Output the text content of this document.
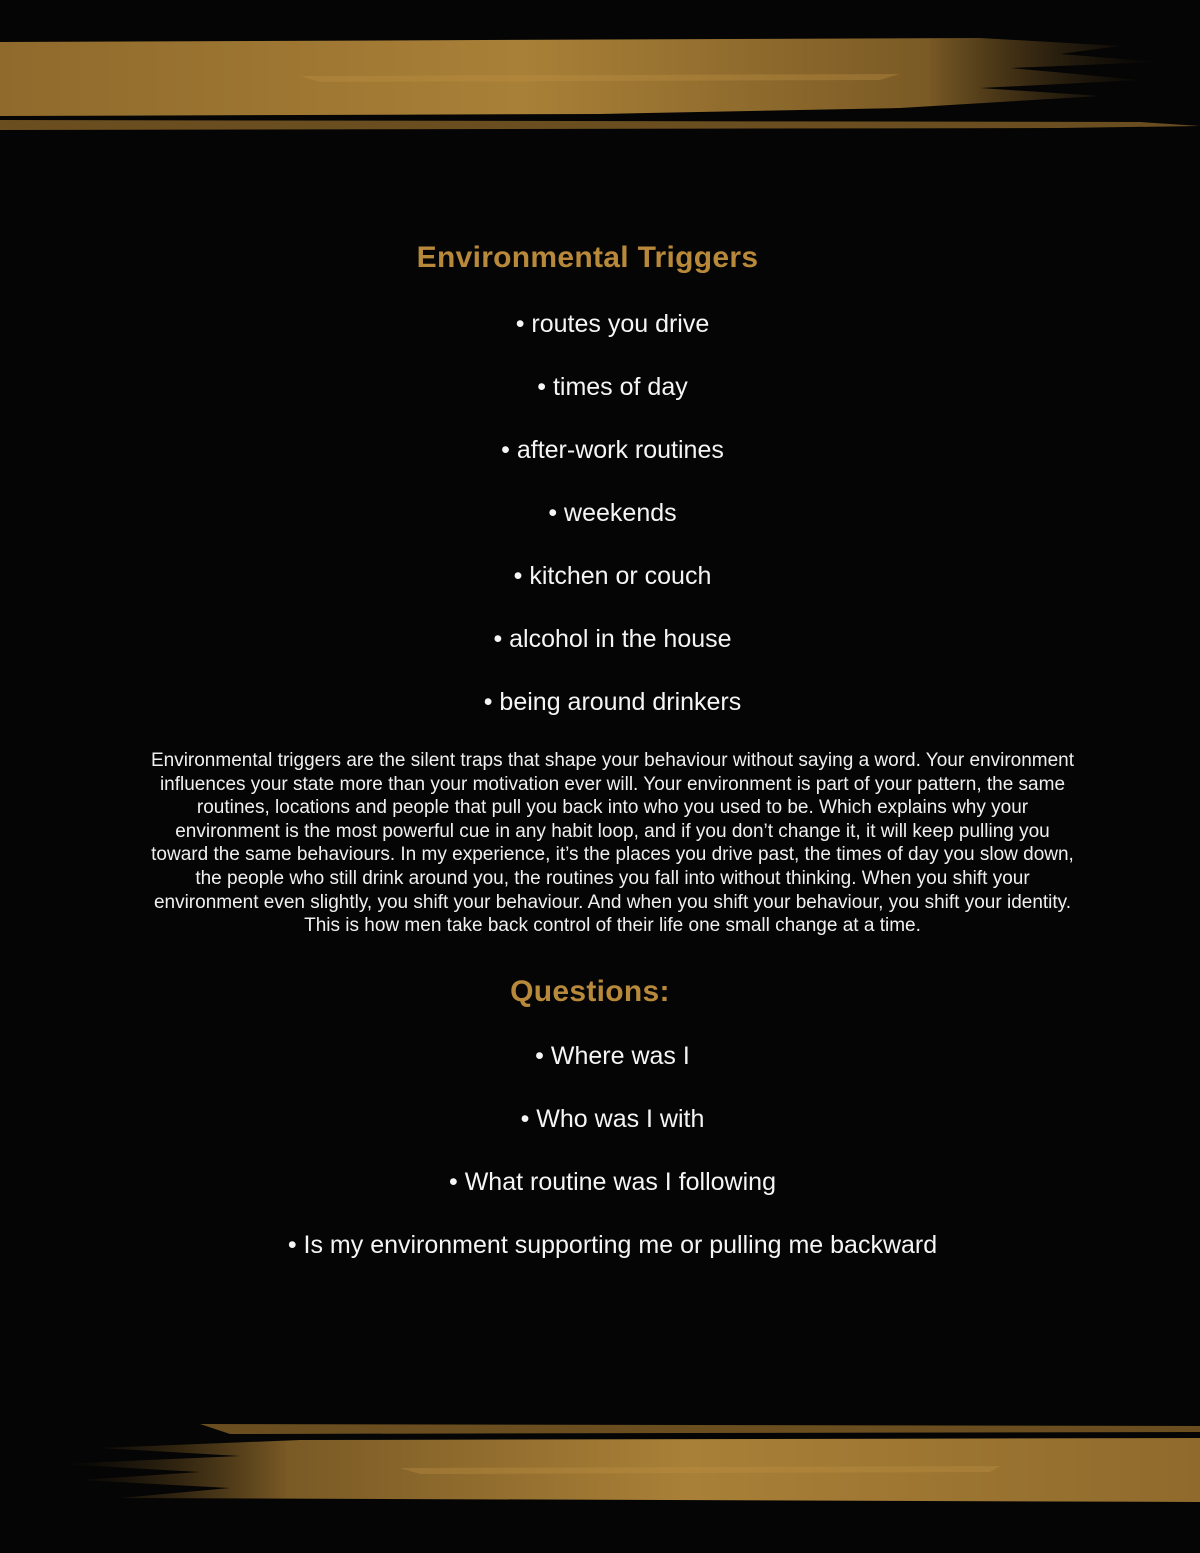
Environmental Triggers
• routes you drive
• times of day
• after-work routines
• weekends
• kitchen or couch
• alcohol in the house
• being around drinkers

Environmental triggers are the silent traps that shape your behaviour without saying a word. Your environment influences your state more than your motivation ever will. Your environment is part of your pattern, the same routines, locations and people that pull you back into who you used to be. Which explains why your environment is the most powerful cue in any habit loop, and if you don’t change it, it will keep pulling you toward the same behaviours. In my experience, it’s the places you drive past, the times of day you slow down, the people who still drink around you, the routines you fall into without thinking. When you shift your environment even slightly, you shift your behaviour. And when you shift your behaviour, you shift your identity. This is how men take back control of their life one small change at a time.

Questions:
• Where was I
• Who was I with
• What routine was I following
• Is my environment supporting me or pulling me backward
